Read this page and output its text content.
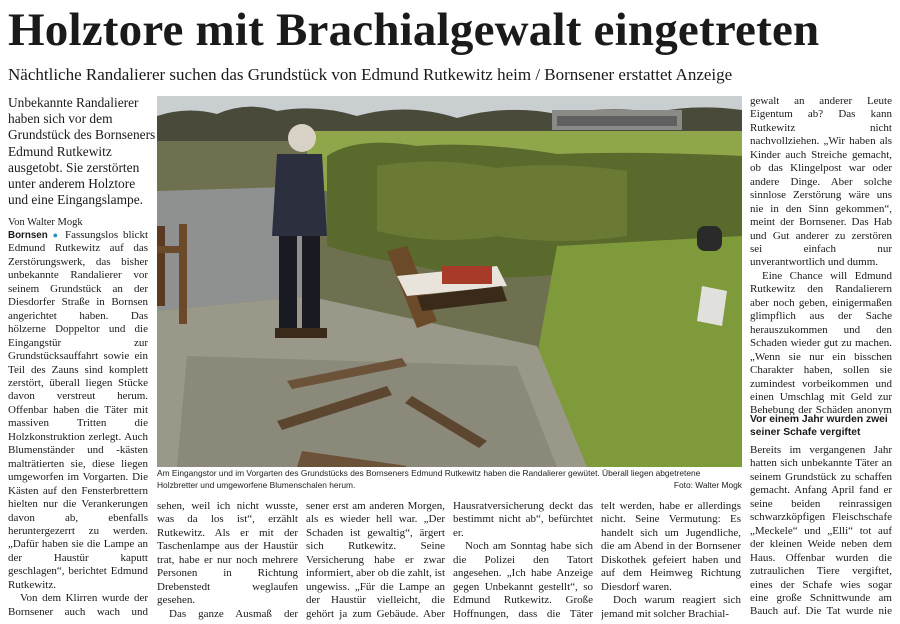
Holztore mit Brachialgewalt eingetreten
Nächtliche Randalierer suchen das Grundstück von Edmund Rutkewitz heim / Bornsener erstattet Anzeige
Unbekannte Randalierer haben sich vor dem Grundstück des Bornseners Edmund Rutkewitz ausgetobt. Sie zerstörten unter anderem Holztore und eine Eingangslampe.
Von Walter Mogk

Bornsen ● Fassungslos blickt Edmund Rutkewitz auf das Zerstörungswerk, das bisher unbekannte Randalierer vor seinem Grundstück an der Diesdorfer Straße in Bornsen angerichtet haben. Das hölzerne Doppeltor und die Eingangstür zur Grundstücksauffahrt sowie ein Teil des Zauns sind komplett zerstört, überall liegen Stücke davon verstreut herum. Offenbar haben die Täter mit massiven Tritten die Holzkonstruktion zerlegt. Auch Blumenständer und -kästen malträtierten sie, diese liegen umgeworfen im Vorgarten. Die Kästen auf den Fensterbrettern hielten nur die Verankerungen davon ab, ebenfalls heruntergezerrt zu werden. „Dafür haben sie die Lampe an der Haustür kaputt geschlagen“, berichtet Edmund Rutkewitz.

Von dem Klirren wurde der Bornsener auch wach und

Am Eingangstor und im Vorgarten des Grundstücks des Bornseners Edmund Rutkewitz haben die Randalierer gewütet. Überall liegen abgetretene Holzbretter und umgeworfene Blumenschalen herum.	Foto: Walter Mogk

sehen, weil ich nicht wusste, was da los ist“, erzählt Rutkewitz. Als er mit der Taschenlampe aus der Haustür trat, habe er nur noch mehrere Personen in Richtung Drebenstedt weglaufen gesehen.

Das ganze Ausmaß der

sener erst am anderen Morgen, als es wieder hell war. „Der Schaden ist gewaltig“, ärgert sich Rutkewitz. Seine Versicherung habe er zwar informiert, aber ob die zahlt, ist ungewiss. „Für die Lampe an der Haustür vielleicht, die gehört ja zum Gebäude. Aber

Hausratversicherung deckt das bestimmt nicht ab“, befürchtet er.

Noch am Sonntag habe sich die Polizei den Tatort angesehen. „Ich habe Anzeige gegen Unbekannt gestellt“, so Edmund Rutkewitz. Große Hoffnungen, dass die Täter

telt werden, habe er allerdings nicht. Seine Vermutung: Es handelt sich um Jugendliche, die am Abend in der Bornsener Diskothek gefeiert haben und auf dem Heimweg Richtung Diesdorf waren.

Doch warum reagiert sich jemand mit solcher Brachial-

gewalt an anderer Leute Eigentum ab? Das kann Rutkewitz nicht nachvollziehen. „Wir haben als Kinder auch Streiche gemacht, ob das Klingelpost war oder andere Dinge. Aber solche sinnlose Zerstörung wäre uns nie in den Sinn gekommen“, meint der Bornsener. Das Hab und Gut anderer zu zerstören sei einfach nur unverantwortlich und dumm.

Eine Chance will Edmund Rutkewitz den Randalierern aber noch geben, einigermaßen glimpflich aus der Sache herauszukommen und den Schaden wieder gut zu machen. „Wenn sie nur ein bisschen Charakter haben, sollen sie zumindest vorbeikommen und einen Umschlag mit Geld zur Behebung der Schäden anonym

Vor einem Jahr wurden zwei seiner Schafe vergiftet

Bereits im vergangenen Jahr hatten sich unbekannte Täter an seinem Grundstück zu schaffen gemacht. Anfang April fand er seine beiden reinrassigen schwarzköpfigen Fleischschafe „Meckele“ und „Elli“ tot auf der kleinen Weide neben dem Haus. Offenbar wurden die zutraulichen Tiere vergiftet, eines der Schafe wies sogar eine große Schnittwunde am Bauch auf. Die Tat wurde nie
